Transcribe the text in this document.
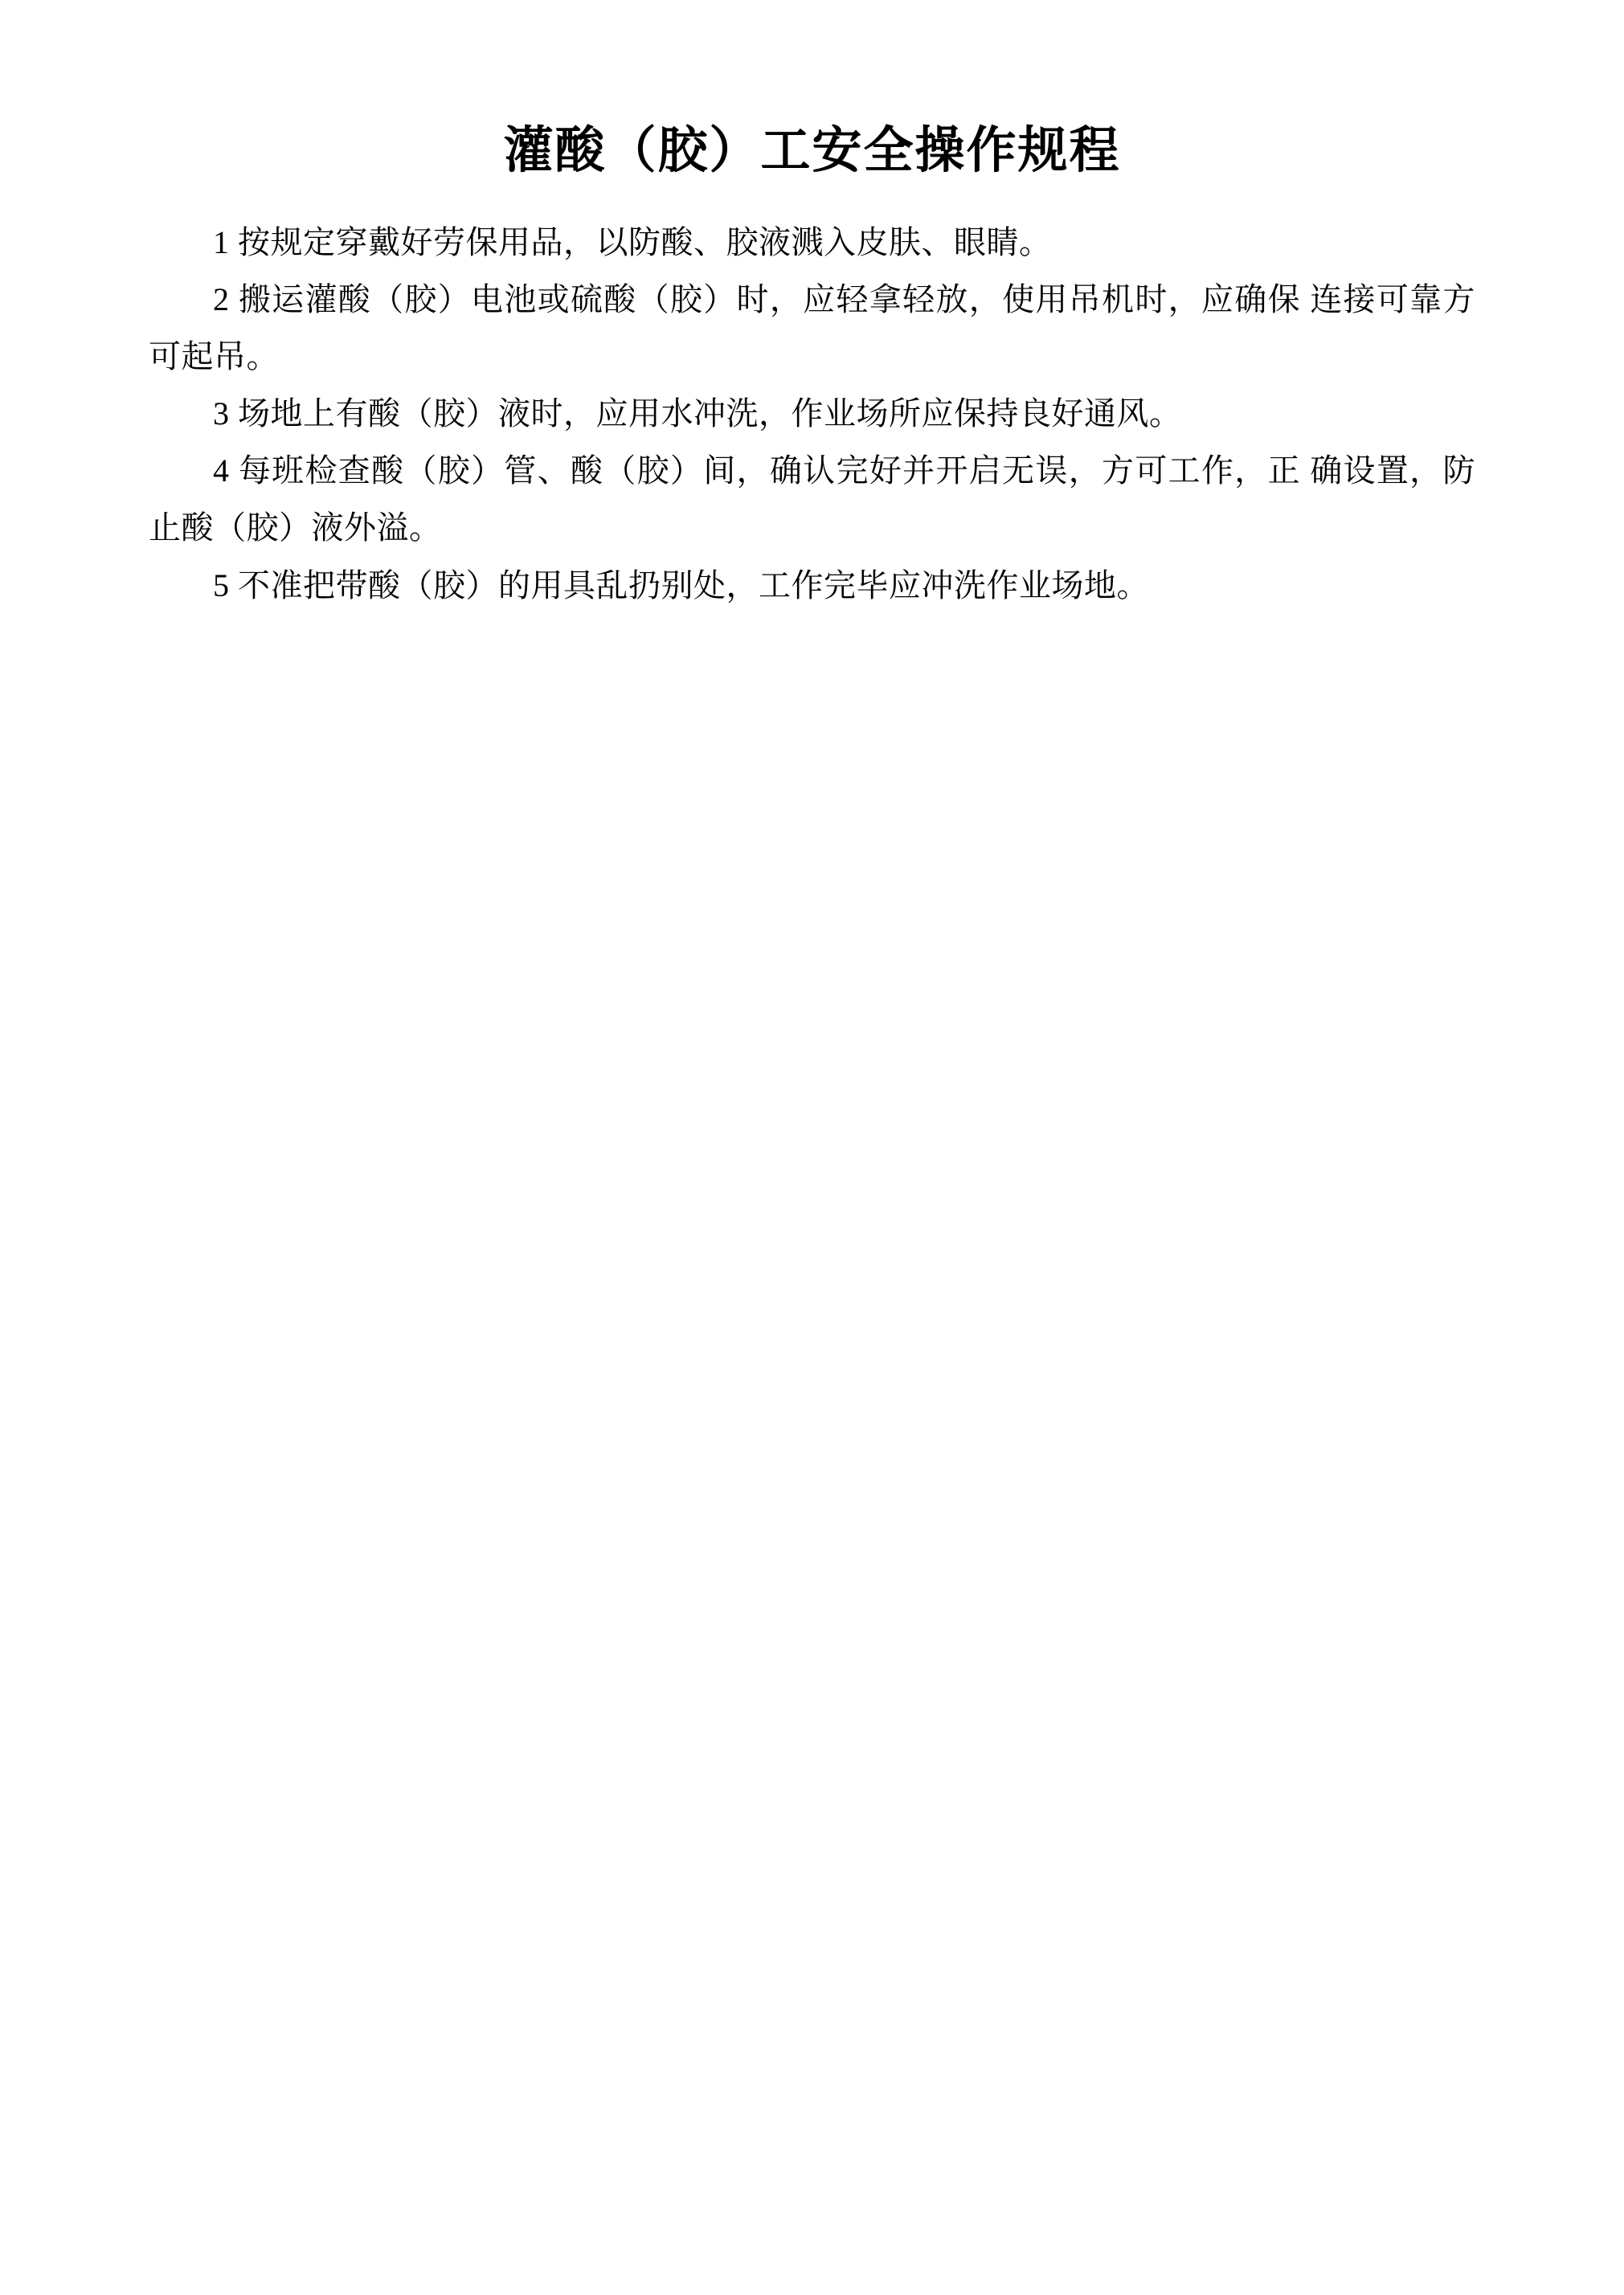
灌酸（胶）工安全操作规程

1 按规定穿戴好劳保用品，以防酸、胶液溅入皮肤、眼睛。

2 搬运灌酸（胶）电池或硫酸（胶）时，应轻拿轻放，使用吊机时，应确保 连接可靠方可起吊。

3 场地上有酸（胶）液时，应用水冲洗，作业场所应保持良好通风。

4 每班检查酸（胶）管、酸（胶）间，确认完好并开启无误，方可工作，正 确设置，防止酸（胶）液外溢。

5 不准把带酸（胶）的用具乱扔别处，工作完毕应冲洗作业场地。
